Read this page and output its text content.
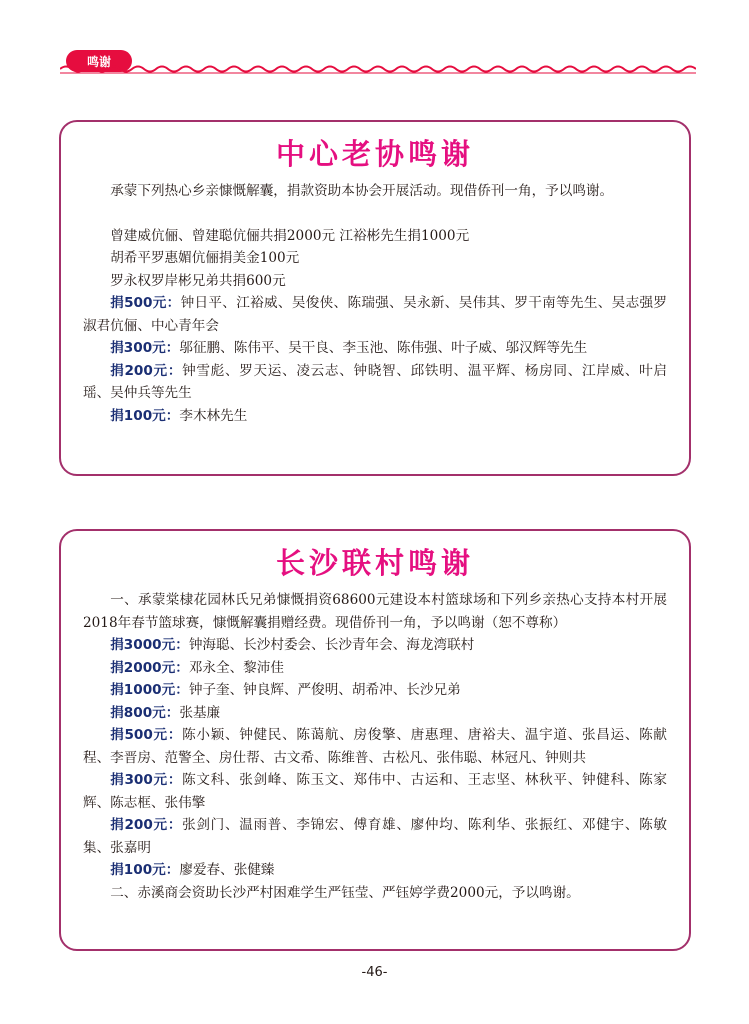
鸣谢
中心老协鸣谢

承蒙下列热心乡亲慷慨解囊，捐款资助本协会开展活动。现借侨刊一角，予以鸣谢。

曾建威伉俪、曾建聪伉俪共捐2000元 江裕彬先生捐1000元

胡希平罗惠媚伉俪捐美金100元

罗永权罗岸彬兄弟共捐600元

捐500元：钟日平、江裕威、吴俊侠、陈瑞强、吴永新、吴伟其、罗干南等先生、吴志强罗淑君伉俪、中心青年会

捐300元：邬征鹏、陈伟平、吴干良、李玉池、陈伟强、叶子威、邬汉辉等先生

捐200元：钟雪彪、罗天运、凌云志、钟晓智、邱铁明、温平辉、杨房同、江岸威、叶启瑶、吴仲兵等先生

捐100元：李木林先生

长沙联村鸣谢

一、承蒙棠棣花园林氏兄弟慷慨捐资68600元建设本村篮球场和下列乡亲热心支持本村开展2018年春节篮球赛，慷慨解囊捐赠经费。现借侨刊一角，予以鸣谢（恕不尊称）

捐3000元：钟海聪、长沙村委会、长沙青年会、海龙湾联村

捐2000元：邓永全、黎沛佳

捐1000元：钟子奎、钟良辉、严俊明、胡希冲、长沙兄弟

捐800元：张基廉

捐500元：陈小颖、钟健民、陈蔼航、房俊擎、唐惠理、唐裕夫、温宇道、张昌运、陈献程、李晋房、范警全、房仕帮、古文希、陈维普、古松凡、张伟聪、林冠凡、钟则共

捐300元：陈文科、张剑峰、陈玉文、郑伟中、古运和、王志坚、林秋平、钟健科、陈家辉、陈志框、张伟擎

捐200元：张剑门、温雨普、李锦宏、傅育雄、廖仲均、陈利华、张振红、邓健宇、陈敏集、张嘉明

捐100元：廖爱春、张健臻

二、赤溪商会资助长沙严村困难学生严钰莹、严钰婷学费2000元，予以鸣谢。

-46-
